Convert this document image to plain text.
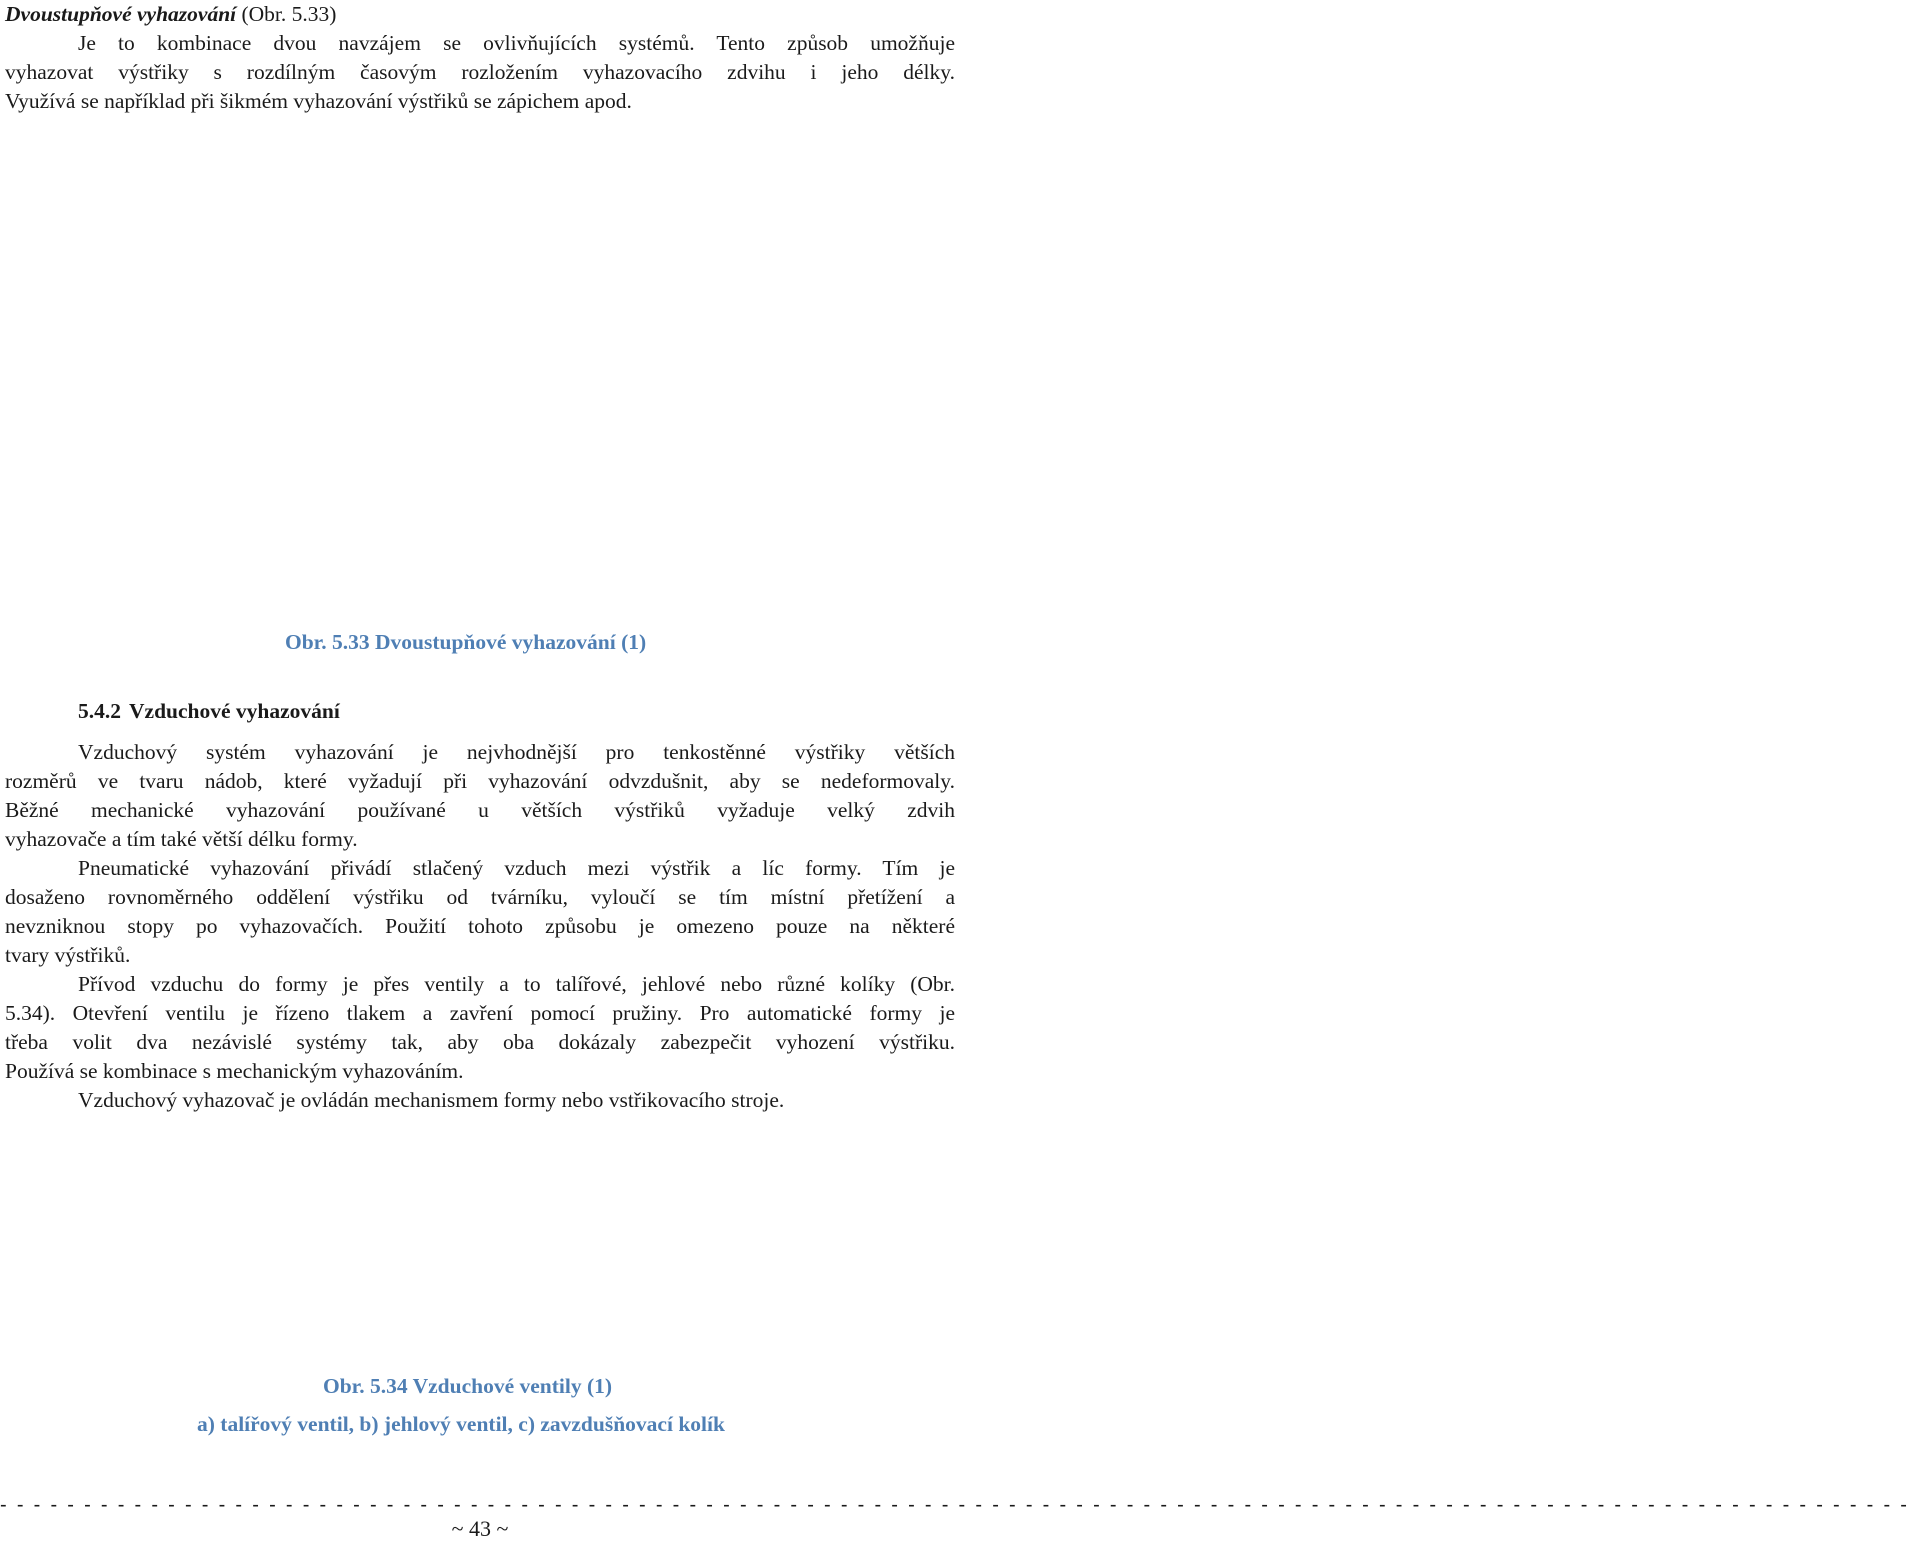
Dvoustupňové vyhazování (Obr. 5.33)
Je to kombinace dvou navzájem se ovlivňujících systémů. Tento způsob umožňuje
vyhazovat výstřiky s rozdílným časovým rozložením vyhazovacího zdvihu i jeho délky.
Využívá se například při šikmém vyhazování výstřiků se zápichem apod.
Obr. 5.33 Dvoustupňové vyhazování (1)
5.4.2 Vzduchové vyhazování
Vzduchový systém vyhazování je nejvhodnější pro tenkostěnné výstřiky větších
rozměrů ve tvaru nádob, které vyžadují při vyhazování odvzdušnit, aby se nedeformovaly.
Běžné mechanické vyhazování používané u větších výstřiků vyžaduje velký zdvih
vyhazovače a tím také větší délku formy.
Pneumatické vyhazování přivádí stlačený vzduch mezi výstřik a líc formy. Tím je
dosaženo rovnoměrného oddělení výstřiku od tvárníku, vyloučí se tím místní přetížení a
nevzniknou stopy po vyhazovačích. Použití tohoto způsobu je omezeno pouze na některé
tvary výstřiků.
Přívod vzduchu do formy je přes ventily a to talířové, jehlové nebo různé kolíky (Obr.
5.34). Otevření ventilu je řízeno tlakem a zavření pomocí pružiny. Pro automatické formy je
třeba volit dva nezávislé systémy tak, aby oba dokázaly zabezpečit vyhození výstřiku.
Používá se kombinace s mechanickým vyhazováním.
Vzduchový vyhazovač je ovládán mechanismem formy nebo vstřikovacího stroje.
Obr. 5.34 Vzduchové ventily (1)
a) talířový ventil, b) jehlový ventil, c) zavzdušňovací kolík
- - - - - - - - - - - - - - - - - - - - - - - - - - - - - - - - - - - - - - - - - - - - - - - - - - - - - - - - - - - - - - - - - - - - - - - - - - - - - - - - - - - - - - - - - - - - - - - - - - - - - - - - - - - - - - - - - -
~ 43 ~
